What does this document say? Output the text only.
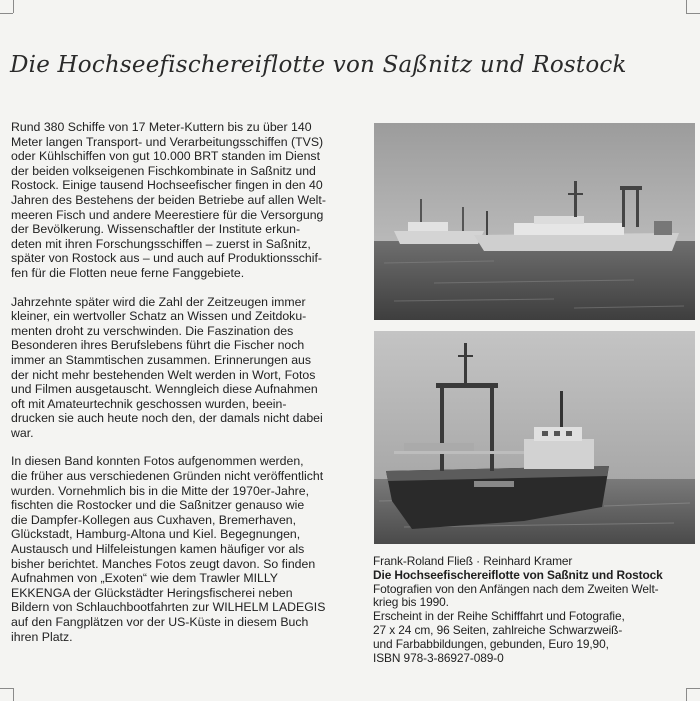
Die Hochseefischereiflotte von Saßnitz und Rostock

Rund 380 Schiffe von 17 Meter-Kuttern bis zu über 140
Meter langen Transport- und Verarbeitungsschiffen (TVS)
oder Kühlschiffen von gut 10.000 BRT standen im Dienst
der beiden volkseigenen Fischkombinate in Saßnitz und
Rostock. Einige tausend Hochseefischer fingen in den 40
Jahren des Bestehens der beiden Betriebe auf allen Welt-
meeren Fisch und andere Meerestiere für die Versorgung
der Bevölkerung. Wissenschaftler der Institute erkun-
deten mit ihren Forschungsschiffen – zuerst in Saßnitz,
später von Rostock aus – und auch auf Produktionsschif-
fen für die Flotten neue ferne Fanggebiete.

Jahrzehnte später wird die Zahl der Zeitzeugen immer
kleiner, ein wertvoller Schatz an Wissen und Zeitdoku-
menten droht zu verschwinden. Die Faszination des
Besonderen ihres Berufslebens führt die Fischer noch
immer an Stammtischen zusammen. Erinnerungen aus
der nicht mehr bestehenden Welt werden in Wort, Fotos
und Filmen ausgetauscht. Wenngleich diese Aufnahmen
oft mit Amateurtechnik geschossen wurden, beein-
drucken sie auch heute noch den, der damals nicht dabei
war.

In diesen Band konnten Fotos aufgenommen werden,
die früher aus verschiedenen Gründen nicht veröffentlicht
wurden. Vornehmlich bis in die Mitte der 1970er-Jahre,
fischten die Rostocker und die Saßnitzer genauso wie
die Dampfer-Kollegen aus Cuxhaven, Bremerhaven,
Glückstadt, Hamburg-Altona und Kiel. Begegnungen,
Austausch und Hilfeleistungen kamen häufiger vor als
bisher berichtet. Manches Fotos zeugt davon. So finden
Aufnahmen von „Exoten“ wie dem Trawler MILLY
EKKENGA der Glückstädter Heringsfischerei neben
Bildern von Schlauchbootfahrten zur WILHELM LADEGIS
auf den Fangplätzen vor der US-Küste in diesem Buch
ihren Platz.

Frank-Roland Fließ · Reinhard Kramer
Die Hochseefischereiflotte von Saßnitz und Rostock
Fotografien von den Anfängen nach dem Zweiten Welt-
krieg bis 1990.
Erscheint in der Reihe Schifffahrt und Fotografie,
27 x 24 cm, 96 Seiten, zahlreiche Schwarzweiß-
und Farbabbildungen, gebunden, Euro 19,90,
ISBN 978-3-86927-089-0
